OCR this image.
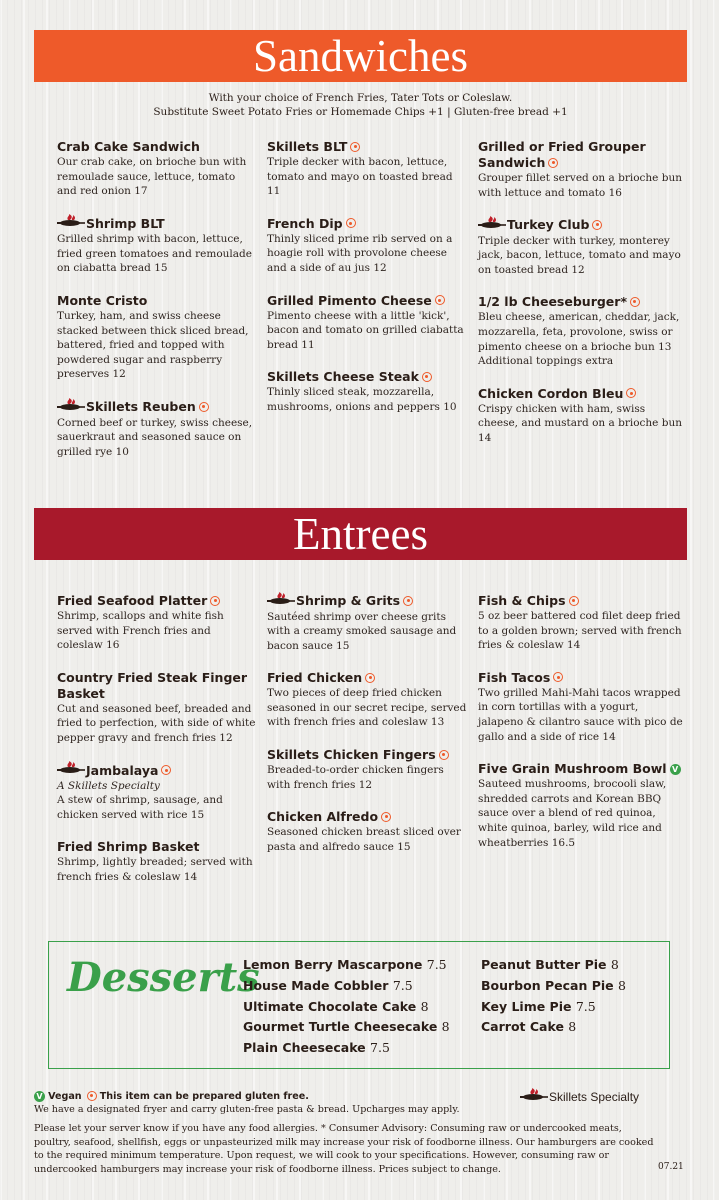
Sandwiches
With your choice of French Fries, Tater Tots or Coleslaw.
Substitute Sweet Potato Fries or Homemade Chips +1 | Gluten-free bread +1
Crab Cake Sandwich
Our crab cake, on brioche bun with remoulade sauce, lettuce, tomato and red onion 17
Shrimp BLT
Grilled shrimp with bacon, lettuce, fried green tomatoes and remoulade on ciabatta bread 15
Monte Cristo
Turkey, ham, and swiss cheese stacked between thick sliced bread, battered, fried and topped with powdered sugar and raspberry preserves 12
Skillets Reuben
Corned beef or turkey, swiss cheese, sauerkraut and seasoned sauce on grilled rye 10
Skillets BLT
Triple decker with bacon, lettuce, tomato and mayo on toasted bread 11
French Dip
Thinly sliced prime rib served on a hoagie roll with provolone cheese and a side of au jus 12
Grilled Pimento Cheese
Pimento cheese with a little 'kick', bacon and tomato on grilled ciabatta bread 11
Skillets Cheese Steak
Thinly sliced steak, mozzarella, mushrooms, onions and peppers 10
Grilled or Fried Grouper Sandwich
Grouper fillet served on a brioche bun with lettuce and tomato 16
Turkey Club
Triple decker with turkey, monterey jack, bacon, lettuce, tomato and mayo on toasted bread 12
1/2 lb Cheeseburger*
Bleu cheese, american, cheddar, jack, mozzarella, feta, provolone, swiss or pimento cheese on a brioche bun 13
Additional toppings extra
Chicken Cordon Bleu
Crispy chicken with ham, swiss cheese, and mustard on a brioche bun 14
Entrees
Fried Seafood Platter
Shrimp, scallops and white fish served with French fries and coleslaw 16
Country Fried Steak Finger Basket
Cut and seasoned beef, breaded and fried to perfection, with side of white pepper gravy and french fries 12
Jambalaya
A Skillets Specialty
A stew of shrimp, sausage, and chicken served with rice 15
Fried Shrimp Basket
Shrimp, lightly breaded; served with french fries & coleslaw 14
Shrimp & Grits
Sautéed shrimp over cheese grits with a creamy smoked sausage and bacon sauce 15
Fried Chicken
Two pieces of deep fried chicken seasoned in our secret recipe, served with french fries and coleslaw 13
Skillets Chicken Fingers
Breaded-to-order chicken fingers with french fries 12
Chicken Alfredo
Seasoned chicken breast sliced over pasta and alfredo sauce 15
Fish & Chips
5 oz beer battered cod filet deep fried to a golden brown; served with french fries & coleslaw 14
Fish Tacos
Two grilled Mahi-Mahi tacos wrapped in corn tortillas with a yogurt, jalapeno & cilantro sauce with pico de gallo and a side of rice 14
Five Grain Mushroom Bowl V
Sauteed mushrooms, brocooli slaw, shredded carrots and Korean BBQ sauce over a blend of red quinoa, white quinoa, barley, wild rice and wheatberries 16.5
Desserts
Lemon Berry Mascarpone 7.5
House Made Cobbler 7.5
Ultimate Chocolate Cake 8
Gourmet Turtle Cheesecake 8
Plain Cheesecake 7.5
Peanut Butter Pie 8
Bourbon Pecan Pie 8
Key Lime Pie 7.5
Carrot Cake 8
V Vegan This item can be prepared gluten free.
We have a designated fryer and carry gluten-free pasta & bread. Upcharges may apply.
Skillets Specialty
Please let your server know if you have any food allergies. * Consumer Advisory: Consuming raw or undercooked meats, poultry, seafood, shellfish, eggs or unpasteurized milk may increase your risk of foodborne illness. Our hamburgers are cooked to the required minimum temperature. Upon request, we will cook to your specifications. However, consuming raw or undercooked hamburgers may increase your risk of foodborne illness. Prices subject to change.	07.21
